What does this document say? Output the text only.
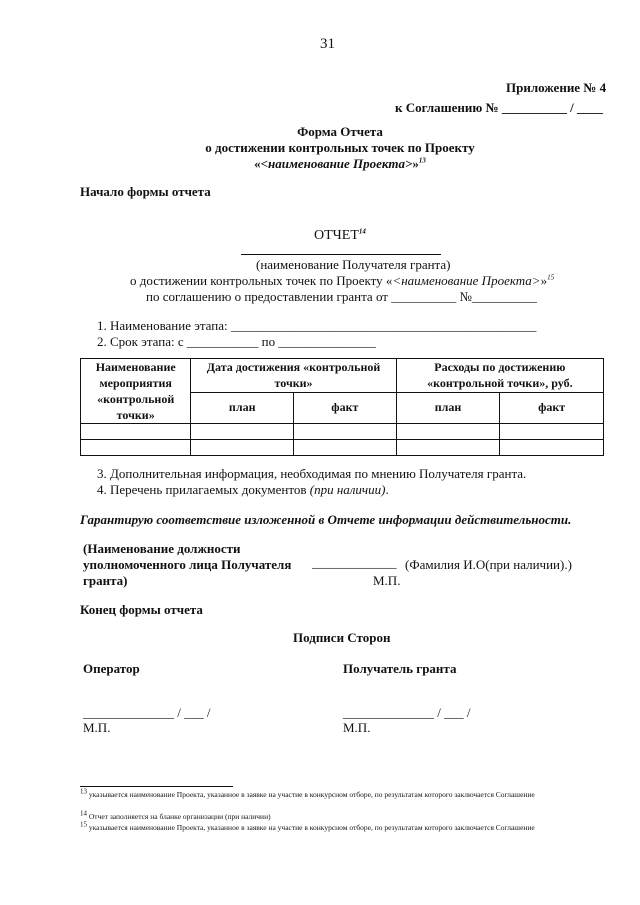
31
Приложение № 4
к Соглашению № __________ / ____
Форма Отчета
о достижении контрольных точек по Проекту
«<наименование Проекта>»$^{13}$
Начало формы отчета
ОТЧЕТ$^{14}$
(наименование Получателя гранта)
о достижении контрольных точек по Проекту «<наименование Проекта>»$^{15}$
по соглашению о предоставлении гранта от __________ №__________
1. Наименование этапа: _______________________________________________
2. Срок этапа: с ___________ по _______________
Наименование мероприятия «контрольной точки»	Дата достижения «контрольной точки»		Расходы по достижению «контрольной точки», руб.	
	план	факт	план	факт

3. Дополнительная информация, необходимая по мнению Получателя гранта.
4. Перечень прилагаемых документов (при наличии).
Гарантирую соответствие изложенной в Отчете информации действительности.
(Наименование должности
уполномоченного лица Получателя
гранта)
_____________ (Фамилия И.О(при наличии).)
М.П.
Конец формы отчета
Подписи Сторон
Оператор	Получатель гранта
______________ / ___ /	______________ / ___ /
М.П.	М.П.
$^{13}$ указывается наименование Проекта, указанное в заявке на участие в конкурсном отборе, по результатам которого заключается Соглашение
$^{14}$ Отчет заполняется на бланке организации (при наличии)
$^{15}$ указывается наименование Проекта, указанное в заявке на участие в конкурсном отборе, по результатам которого заключается Соглашение
